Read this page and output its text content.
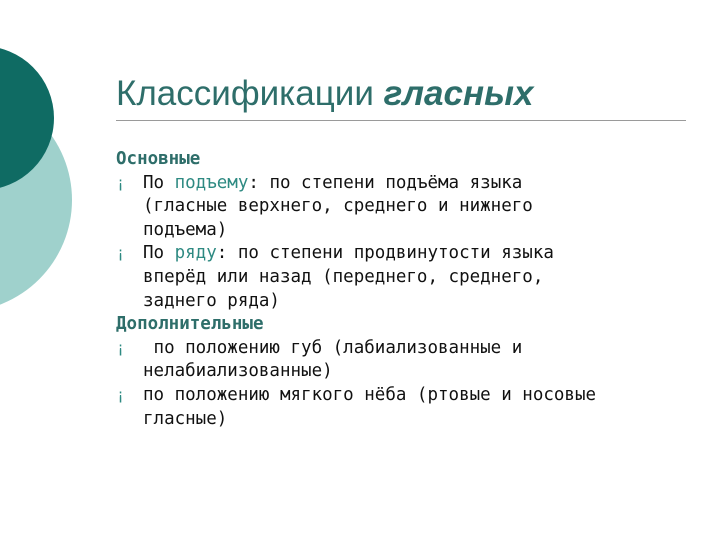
Классификации гласных
Основные
¡ По подъему: по степени подъёма языка
(гласные верхнего, среднего и нижнего
подъема)
¡ По ряду: по степени продвинутости языка
вперёд или назад (переднего, среднего,
заднего ряда)
Дополнительные
¡ по положению губ (лабиализованные и
нелабиализованные)
¡ по положению мягкого нёба (ртовые и носовые
гласные)
